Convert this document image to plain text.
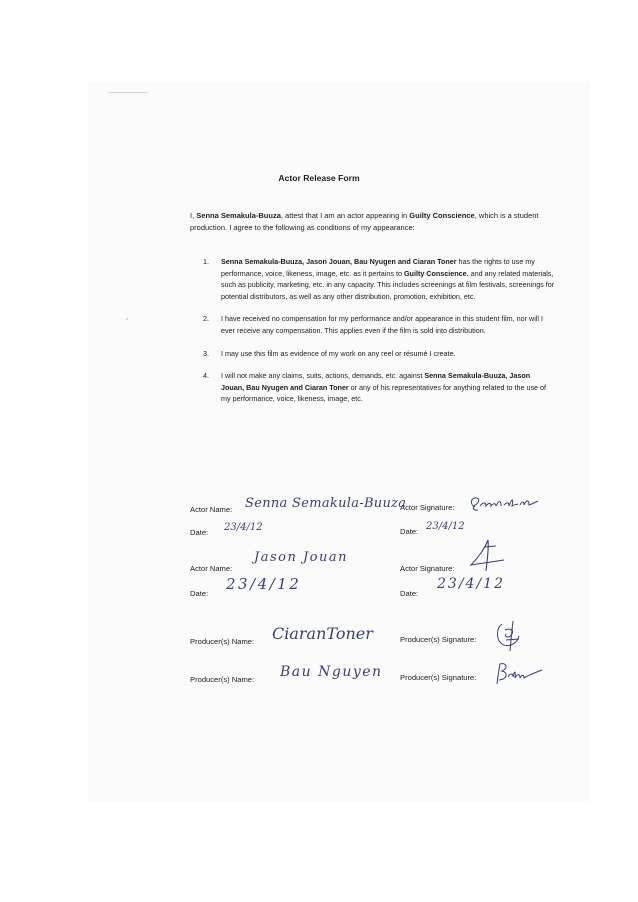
Actor Release Form
I, Senna Semakula-Buuza, attest that I am an actor appearing in Guilty Conscience, which is a student production. I agree to the following as conditions of my appearance:
1. Senna Semakula-Buuza, Jason Jouan, Bau Nyugen and Ciaran Toner has the rights to use my performance, voice, likeness, image, etc. as it pertains to Guilty Conscience. and any related materials, such as publicity, marketing, etc. in any capacity. This includes screenings at film festivals, screenings for potential distributors, as well as any other distribution, promotion, exhibition, etc.
2. I have received no compensation for my performance and/or appearance in this student film, nor will I ever receive any compensation. This applies even if the film is sold into distribution.
3. I may use this film as evidence of my work on any reel or résumé I create.
4. I will not make any claims, suits, actions, demands, etc. against Senna Semakula-Buuza, Jason Jouan, Bau Nyugen and Ciaran Toner or any of his representatives for anything related to the use of my performance, voice, likeness, image, etc.
Actor Name: Senna Semakula-Buuza
Actor Signature:
Date: 23/4/12	Date: 23/4/12
Actor Name:
Jason Jouan
Actor Signature:
Date:
23/4/12
Date:
23/4/12
Producer(s) Name: CiaranToner	Producer(s) Signature:
Producer(s) Name: Bau Nguyen Producer(s) Signature:
